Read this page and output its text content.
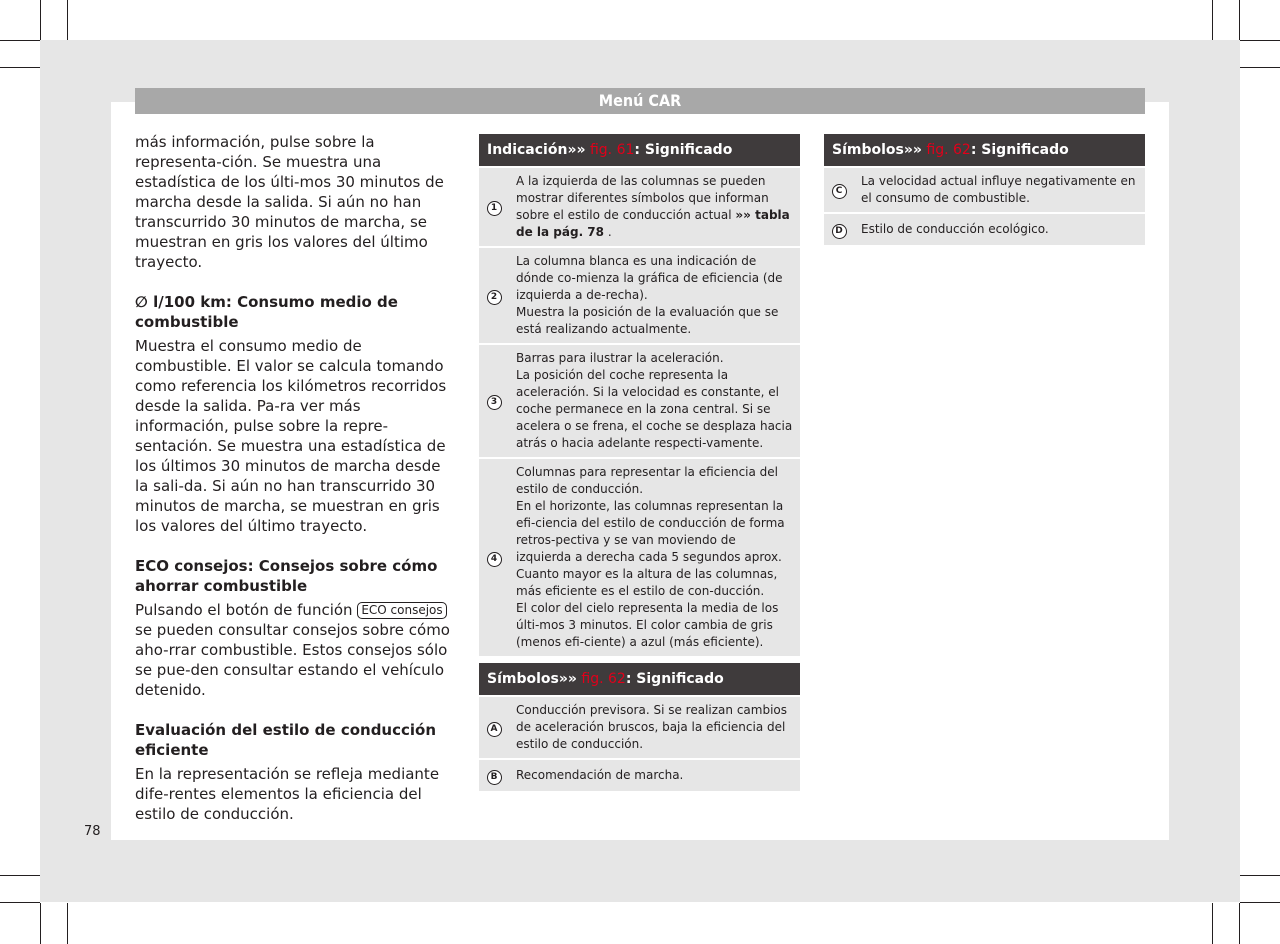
Menú CAR

más información, pulse sobre la representa-ción. Se muestra una estadística de los últi-mos 30 minutos de marcha desde la salida. Si aún no han transcurrido 30 minutos de marcha, se muestran en gris los valores del último trayecto.

∅ l/100 km: Consumo medio de combustible

Muestra el consumo medio de combustible. El valor se calcula tomando como referencia los kilómetros recorridos desde la salida. Pa-ra ver más información, pulse sobre la repre-sentación. Se muestra una estadística de los últimos 30 minutos de marcha desde la sali-da. Si aún no han transcurrido 30 minutos de marcha, se muestran en gris los valores del último trayecto.

ECO consejos: Consejos sobre cómo ahorrar combustible

Pulsando el botón de función ECO consejos se pueden consultar consejos sobre cómo aho-rrar combustible. Estos consejos sólo se pue-den consultar estando el vehículo detenido.

Evaluación del estilo de conducción eficiente

En la representación se refleja mediante dife-rentes elementos la eficiencia del estilo de conducción.

Indicación»» fig. 61: Significado	
1	A la izquierda de las columnas se pueden mostrar diferentes símbolos que informan sobre el estilo de conducción actual »» tabla de la pág. 78 .
2	La columna blanca es una indicación de dónde co-mienza la gráfica de eficiencia (de izquierda a de-recha).
Muestra la posición de la evaluación que se está realizando actualmente.
3	Barras para ilustrar la aceleración.
La posición del coche representa la aceleración. Si la velocidad es constante, el coche permanece en la zona central. Si se acelera o se frena, el coche se desplaza hacia atrás o hacia adelante respecti-vamente.
4	Columnas para representar la eficiencia del estilo de conducción.
En el horizonte, las columnas representan la efi-ciencia del estilo de conducción de forma retros-pectiva y se van moviendo de izquierda a derecha cada 5 segundos aprox. Cuanto mayor es la altura de las columnas, más eficiente es el estilo de con-ducción.
El color del cielo representa la media de los últi-mos 3 minutos. El color cambia de gris (menos efi-ciente) a azul (más eficiente).
Símbolos»» fig. 62: Significado	
A	Conducción previsora. Si se realizan cambios de aceleración bruscos, baja la eficiencia del estilo de conducción.
B	Recomendación de marcha.
Símbolos»» fig. 62: Significado	
C	La velocidad actual influye negativamente en el consumo de combustible.
D	Estilo de conducción ecológico.
78
